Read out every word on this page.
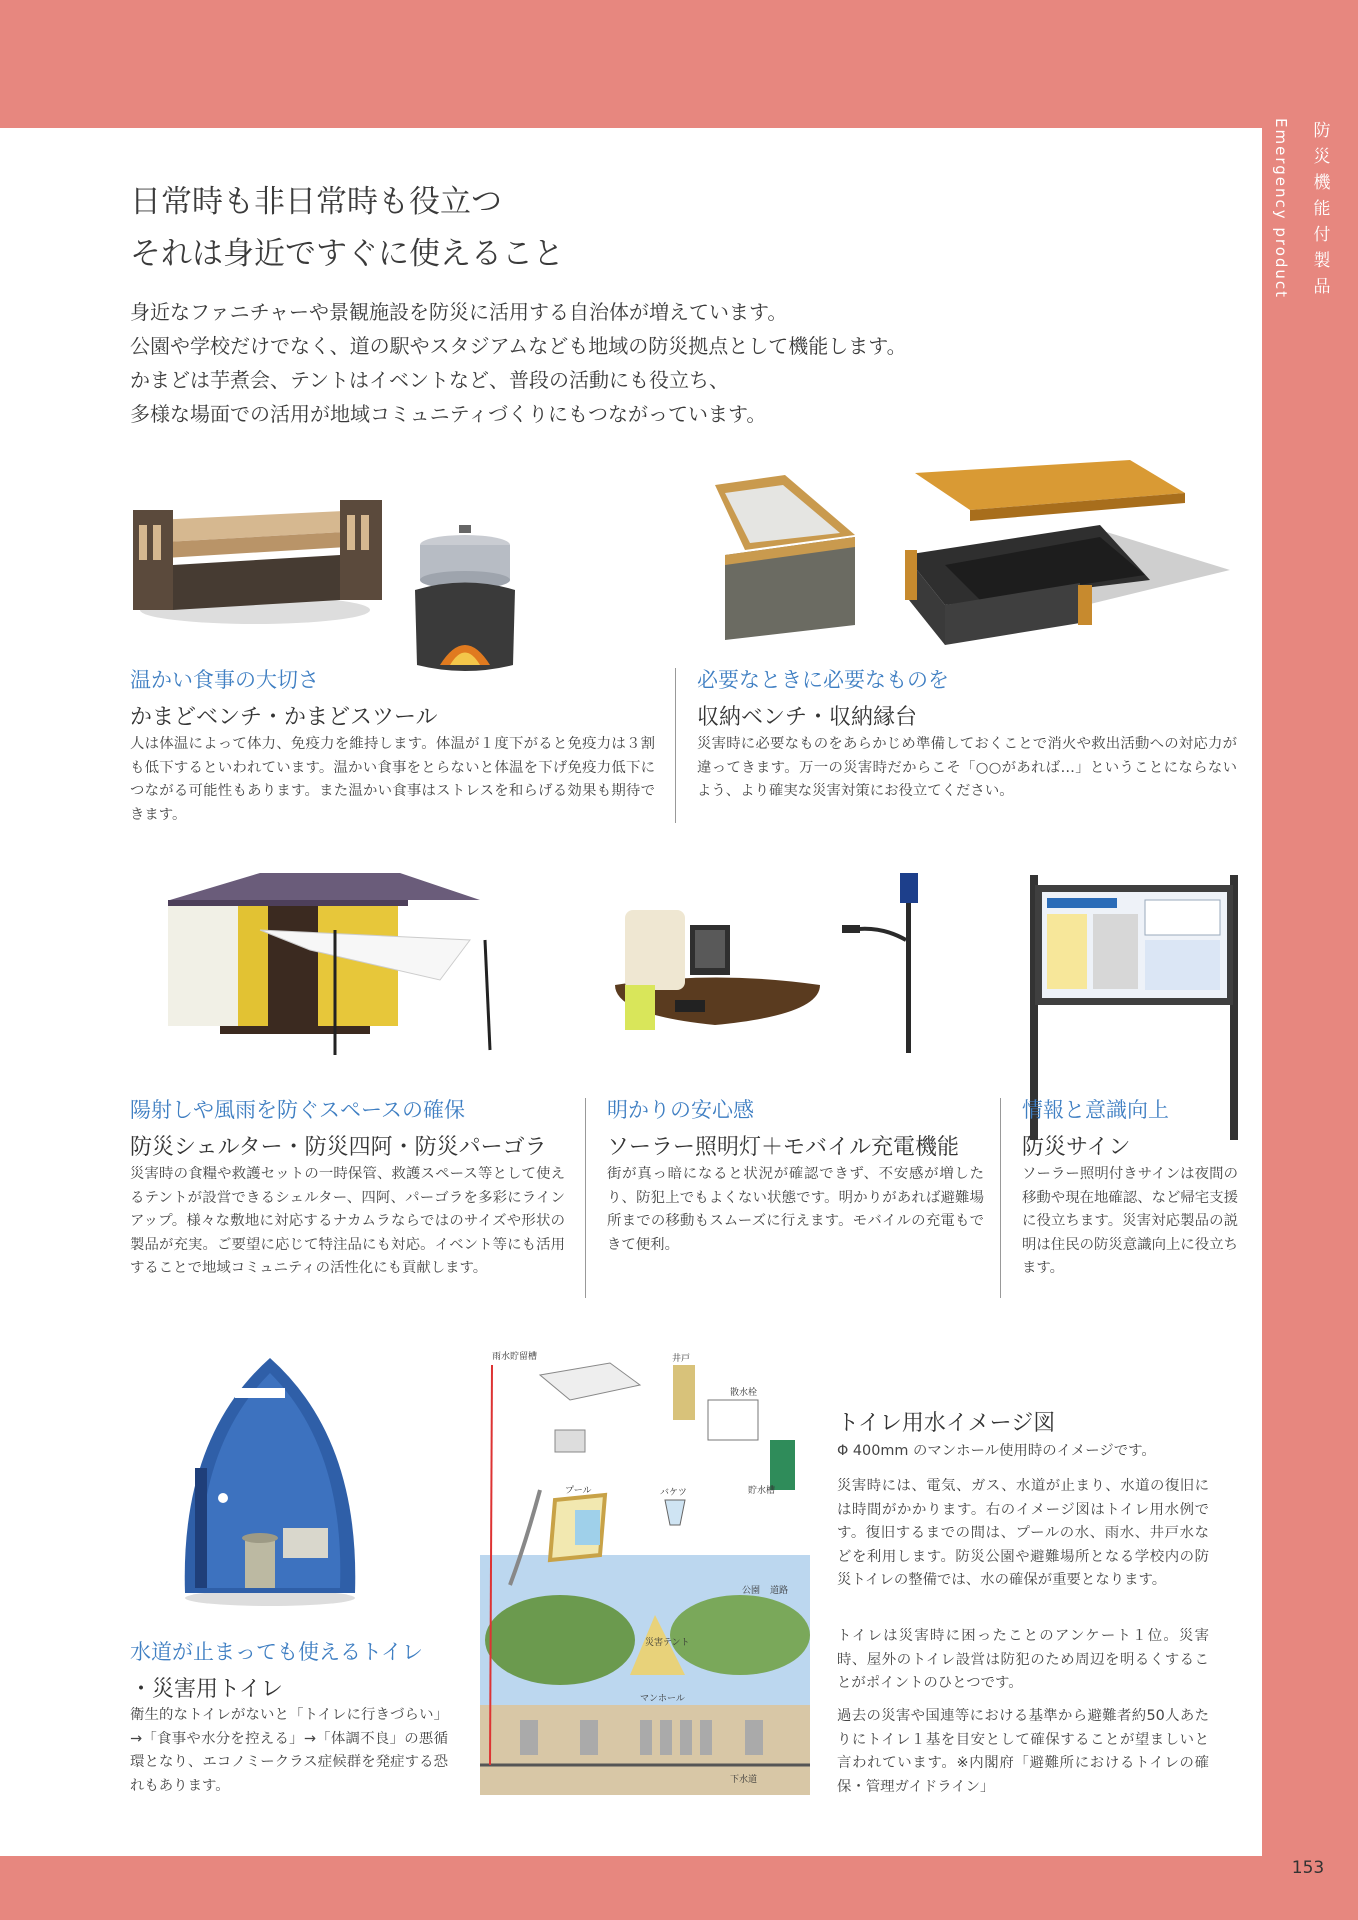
防
災
機
能
付
製
品
Emergency product
日常時も非日常時も役立つ
それは身近ですぐに使えること
身近なファニチャーや景観施設を防災に活用する自治体が増えています。
公園や学校だけでなく、道の駅やスタジアムなども地域の防災拠点として機能します。
かまどは芋煮会、テントはイベントなど、普段の活動にも役立ち、
多様な場面での活用が地域コミュニティづくりにもつながっています。
温かい食事の大切さ
かまどベンチ・かまどスツール

人は体温によって体力、免疫力を維持します。体温が１度下がると免疫力は３割も低下するといわれています。温かい食事をとらないと体温を下げ免疫力低下につながる可能性もあります。また温かい食事はストレスを和らげる効果も期待できます。

必要なときに必要なものを
収納ベンチ・収納縁台

災害時に必要なものをあらかじめ準備しておくことで消火や救出活動への対応力が違ってきます。万一の災害時だからこそ「○○があれば…」ということにならないよう、より確実な災害対策にお役立てください。

陽射しや風雨を防ぐスペースの確保
防災シェルター・防災四阿・防災パーゴラ

災害時の食糧や救護セットの一時保管、救護スペース等として使えるテントが設営できるシェルター、四阿、パーゴラを多彩にラインアップ。様々な敷地に対応するナカムラならではのサイズや形状の製品が充実。ご要望に応じて特注品にも対応。イベント等にも活用することで地域コミュニティの活性化にも貢献します。

明かりの安心感
ソーラー照明灯＋モバイル充電機能

街が真っ暗になると状況が確認できず、不安感が増したり、防犯上でもよくない状態です。明かりがあれば避難場所までの移動もスムーズに行えます。モバイルの充電もできて便利。

情報と意識向上
防災サイン

ソーラー照明付きサインは夜間の移動や現在地確認、など帰宅支援に役立ちます。災害対応製品の説明は住民の防災意識向上に役立ちます。

水道が止まっても使えるトイレ
・災害用トイレ

衛生的なトイレがないと「トイレに行きづらい」→「食事や水分を控える」→「体調不良」の悪循環となり、エコノミークラス症候群を発症する恐れもあります。

雨水貯留槽	井戸
散水栓
プール	バケツ	貯水槽
公園 道路
災害テント
マンホール
下水道
トイレ用水イメージ図

Φ 400mm のマンホール使用時のイメージです。

災害時には、電気、ガス、水道が止まり、水道の復旧には時間がかかります。右のイメージ図はトイレ用水例です。復旧するまでの間は、プールの水、雨水、井戸水などを利用します。防災公園や避難場所となる学校内の防災トイレの整備では、水の確保が重要となります。

トイレは災害時に困ったことのアンケート１位。災害時、屋外のトイレ設営は防犯のため周辺を明るくすることがポイントのひとつです。

過去の災害や国連等における基準から避難者約50人あたりにトイレ１基を目安として確保することが望ましいと言われています。※内閣府「避難所におけるトイレの確保・管理ガイドライン」

153
